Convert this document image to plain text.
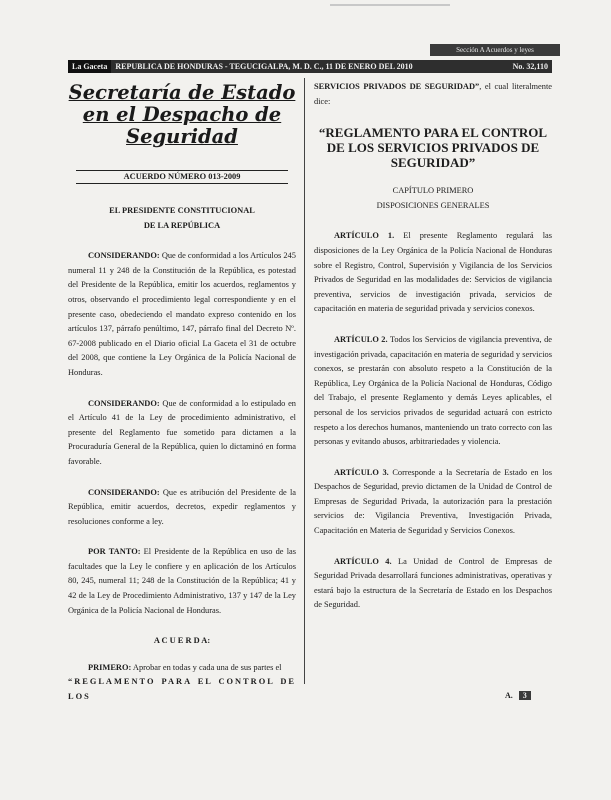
Sección A Acuerdos y leyes
La Gaceta	REPUBLICA DE HONDURAS - TEGUCIGALPA, M. D. C., 11 DE ENERO DEL 2010	No. 32,110
Secretaría de Estado en el Despacho de Seguridad
ACUERDO NÚMERO 013-2009

EL PRESIDENTE CONSTITUCIONAL

DE LA REPÚBLICA

CONSIDERANDO: Que de conformidad a los Artículos 245 numeral 11 y 248 de la Constitución de la República, es potestad del Presidente de la República, emitir los acuerdos, reglamentos y otros, observando el procedimiento legal correspondiente y en el presente caso, obedeciendo el mandato expreso contenido en los artículos 137, párrafo penúltimo, 147, párrafo final del Decreto Nº. 67-2008 publicado en el Diario oficial La Gaceta el 31 de octubre del 2008, que contiene la Ley Orgánica de la Policía Nacional de Honduras.

CONSIDERANDO: Que de conformidad a lo estipulado en el Artículo 41 de la Ley de procedimiento administrativo, el presente del Reglamento fue sometido para dictamen a la Procuraduría General de la República, quien lo dictaminó en forma favorable.

CONSIDERANDO: Que es atribución del Presidente de la República, emitir acuerdos, decretos, expedir reglamentos y resoluciones conforme a ley.

POR TANTO: El Presidente de la República en uso de las facultades que la Ley le confiere y en aplicación de los Artículos 80, 245, numeral 11; 248 de la Constitución de la República; 41 y 42 de la Ley de Procedimiento Administrativo, 137 y 147 de la Ley Orgánica de la Policía Nacional de Honduras.

A C U E R D A:

PRIMERO: Aprobar en todas y cada una de sus partes el
“REGLAMENTO PARA EL CONTROL DE LOS

SERVICIOS PRIVADOS DE SEGURIDAD”, el cual literalmente dice:

“REGLAMENTO PARA EL CONTROL DE LOS SERVICIOS PRIVADOS DE SEGURIDAD”

CAPÍTULO PRIMERO

DISPOSICIONES GENERALES

ARTÍCULO 1. El presente Reglamento regulará las disposiciones de la Ley Orgánica de la Policía Nacional de Honduras sobre el Registro, Control, Supervisión y Vigilancia de los Servicios Privados de Seguridad en las modalidades de: Servicios de vigilancia preventiva, servicios de investigación privada, servicios de capacitación en materia de seguridad privada y servicios conexos.

ARTÍCULO 2. Todos los Servicios de vigilancia preventiva, de investigación privada, capacitación en materia de seguridad y servicios conexos, se prestarán con absoluto respeto a la Constitución de la República, Ley Orgánica de la Policía Nacional de Honduras, Código del Trabajo, el presente Reglamento y demás Leyes aplicables, el personal de los servicios privados de seguridad actuará con estricto respeto a los derechos humanos, manteniendo un trato correcto con las personas y evitando abusos, arbitrariedades y violencia.

ARTÍCULO 3. Corresponde a la Secretaría de Estado en los Despachos de Seguridad, previo dictamen de la Unidad de Control de Empresas de Seguridad Privada, la autorización para la prestación servicios de: Vigilancia Preventiva, Investigación Privada, Capacitación en Materia de Seguridad y Servicios Conexos.

ARTÍCULO 4. La Unidad de Control de Empresas de Seguridad Privada desarrollará funciones administrativas, operativas y estará bajo la estructura de la Secretaría de Estado en los Despachos de Seguridad.

A. 3
